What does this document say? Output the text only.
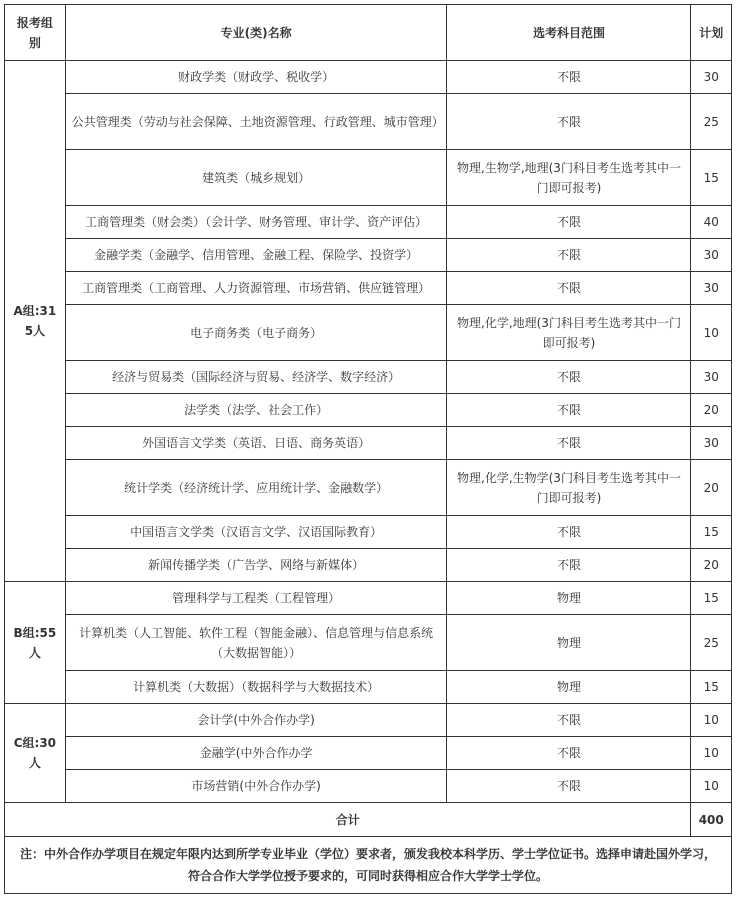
报考组别	专业(类)名称	选考科目范围	计划
A组:315人	财政学类（财政学、税收学）	不限	30
	公共管理类（劳动与社会保障、土地资源管理、行政管理、城市管理）	不限	25
	建筑类（城乡规划）	物理,生物学,地理(3门科目考生选考其中一门即可报考)	15
	工商管理类（财会类）（会计学、财务管理、审计学、资产评估）	不限	40
	金融学类（金融学、信用管理、金融工程、保险学、投资学）	不限	30
	工商管理类（工商管理、人力资源管理、市场营销、供应链管理）	不限	30
	电子商务类（电子商务）	物理,化学,地理(3门科目考生选考其中一门即可报考)	10
	经济与贸易类（国际经济与贸易、经济学、数字经济）	不限	30
	法学类（法学、社会工作）	不限	20
	外国语言文学类（英语、日语、商务英语）	不限	30
	统计学类（经济统计学、应用统计学、金融数学）	物理,化学,生物学(3门科目考生选考其中一门即可报考)	20
	中国语言文学类（汉语言文学、汉语国际教育）	不限	15
	新闻传播学类（广告学、网络与新媒体）	不限	20
B组:55人	管理科学与工程类（工程管理）	物理	15
	计算机类（人工智能、软件工程（智能金融）、信息管理与信息系统（大数据智能））	物理	25
	计算机类（大数据）（数据科学与大数据技术）	物理	15
C组:30人	会计学(中外合作办学)	不限	10
	金融学(中外合作办学	不限	10
	市场营销(中外合作办学)	不限	10
合计			400
注：中外合作办学项目在规定年限内达到所学专业毕业（学位）要求者，颁发我校本科学历、学士学位证书。选择申请赴国外学习，符合合作大学学位授予要求的，可同时获得相应合作大学学士学位。			
